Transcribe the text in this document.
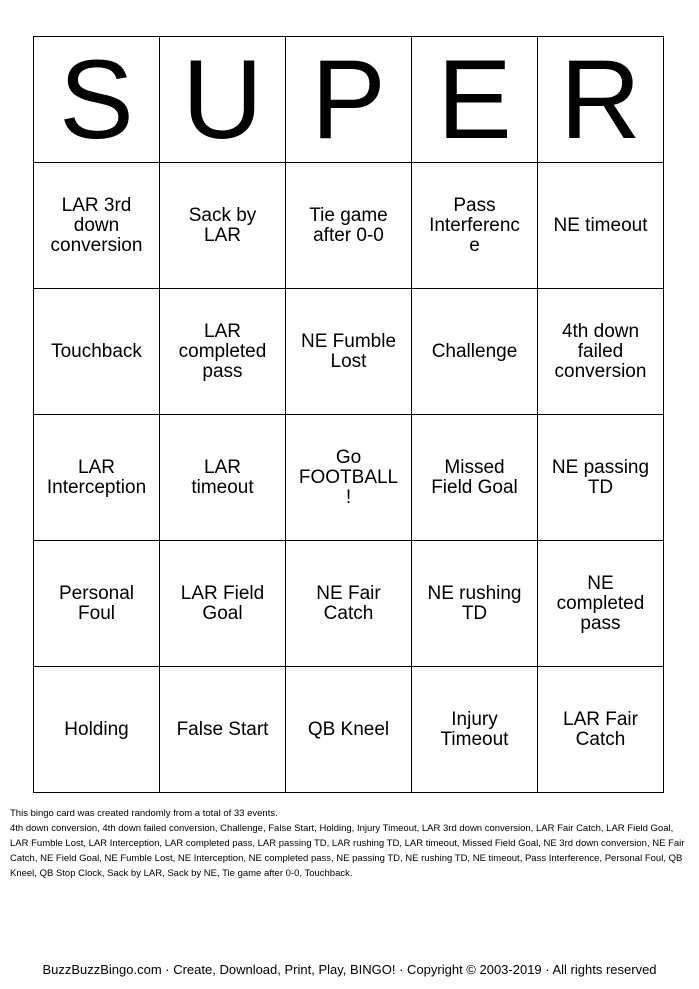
S	U	P	E	R
LAR 3rd down conversion	Sack by LAR	Tie game after 0-0	Pass Interference	NE timeout
Touchback	LAR completed pass	NE Fumble Lost	Challenge	4th down failed conversion
LAR Interception	LAR timeout	Go FOOTBALL!	Missed Field Goal	NE passing TD
Personal Foul	LAR Field Goal	NE Fair Catch	NE rushing TD	NE completed pass
Holding	False Start	QB Kneel	Injury Timeout	LAR Fair Catch

This bingo card was created randomly from a total of 33 events.

4th down conversion, 4th down failed conversion, Challenge, False Start, Holding, Injury Timeout, LAR 3rd down conversion, LAR Fair Catch, LAR Field Goal, LAR Fumble Lost, LAR Interception, LAR completed pass, LAR passing TD, LAR rushing TD, LAR timeout, Missed Field Goal, NE 3rd down conversion, NE Fair Catch, NE Field Goal, NE Fumble Lost, NE Interception, NE completed pass, NE passing TD, NE rushing TD, NE timeout, Pass Interference, Personal Foul, QB Kneel, QB Stop Clock, Sack by LAR, Sack by NE, Tie game after 0-0, Touchback.

BuzzBuzzBingo.com · Create, Download, Print, Play, BINGO! · Copyright © 2003-2019 · All rights reserved
